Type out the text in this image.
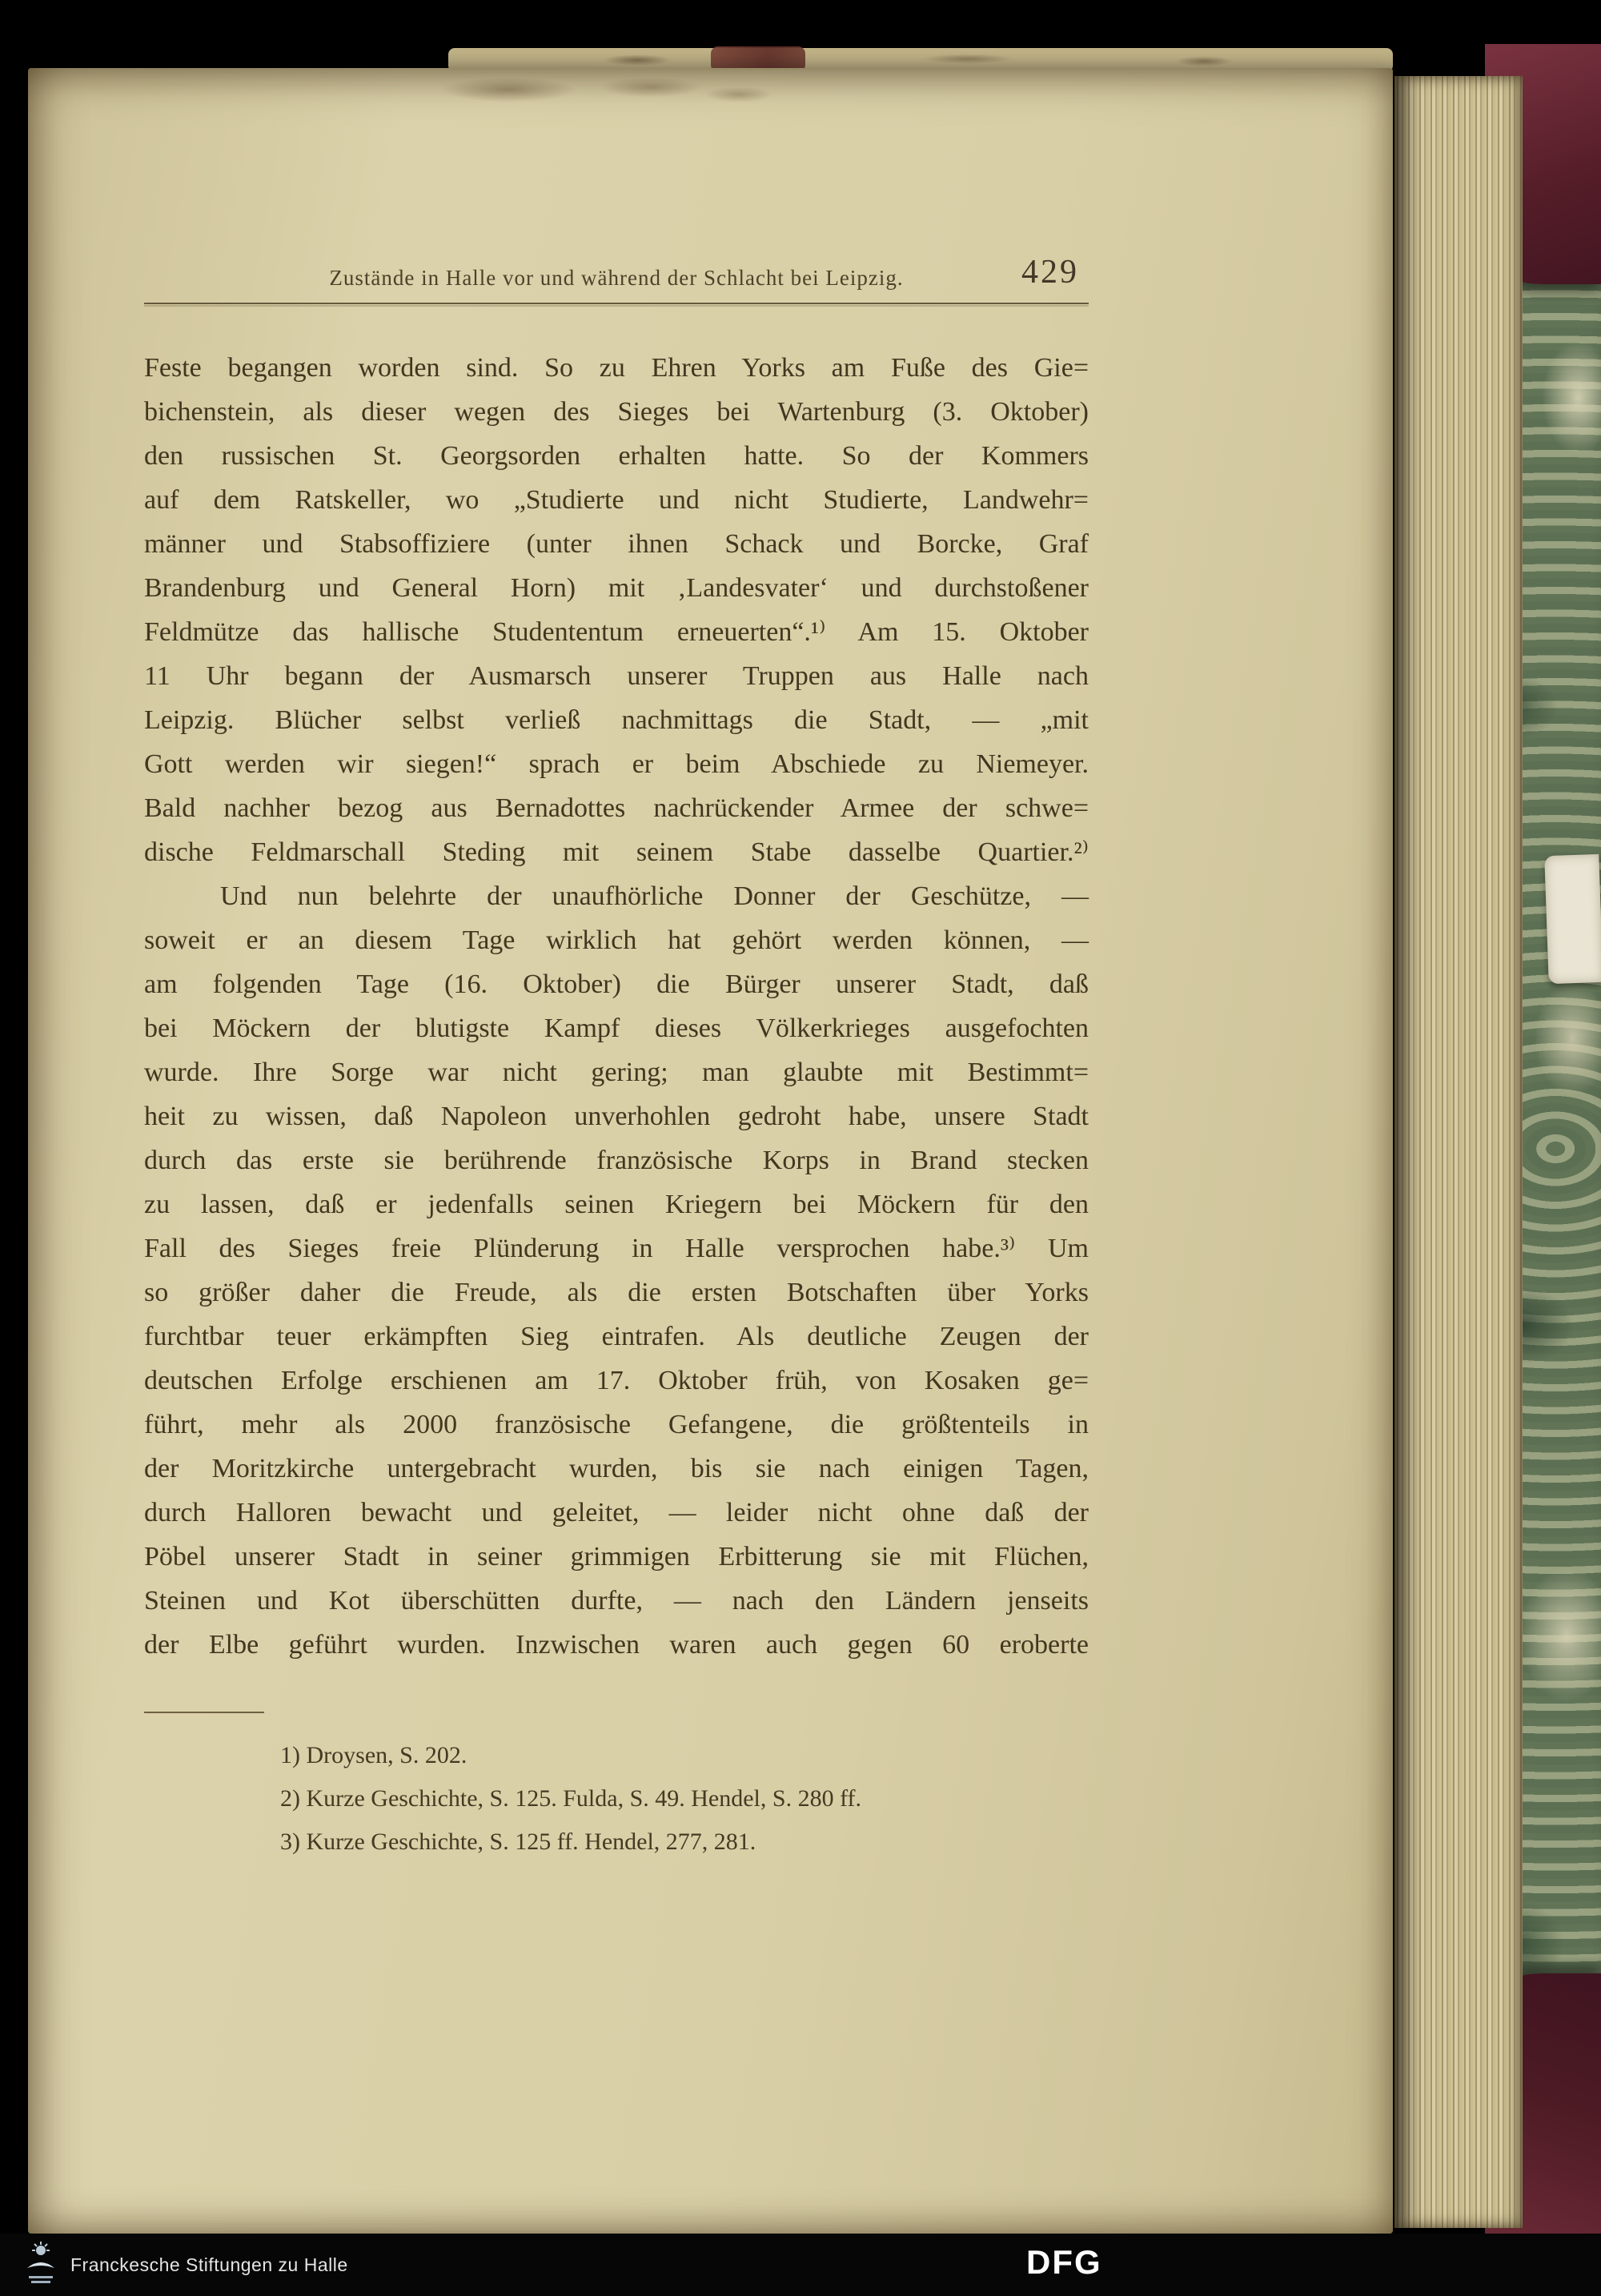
Zustände in Halle vor und während der Schlacht bei Leipzig.	429
Feste begangen worden sind. So zu Ehren Yorks am Fuße des Gie=
bichenstein, als dieser wegen des Sieges bei Wartenburg (3. Oktober)
den russischen St. Georgsorden erhalten hatte. So der Kommers
auf dem Ratskeller, wo „Studierte und nicht Studierte, Landwehr=
männer und Stabsoffiziere (unter ihnen Schack und Borcke, Graf
Brandenburg und General Horn) mit ‚Landesvater‘ und durchstoßener
Feldmütze das hallische Studententum erneuerten“.¹⁾ Am 15. Oktober
11 Uhr begann der Ausmarsch unserer Truppen aus Halle nach
Leipzig. Blücher selbst verließ nachmittags die Stadt, — „mit
Gott werden wir siegen!“ sprach er beim Abschiede zu Niemeyer.
Bald nachher bezog aus Bernadottes nachrückender Armee der schwe=
dische Feldmarschall Steding mit seinem Stabe dasselbe Quartier.²⁾
Und nun belehrte der unaufhörliche Donner der Geschütze, —
soweit er an diesem Tage wirklich hat gehört werden können, —
am folgenden Tage (16. Oktober) die Bürger unserer Stadt, daß
bei Möckern der blutigste Kampf dieses Völkerkrieges ausgefochten
wurde. Ihre Sorge war nicht gering; man glaubte mit Bestimmt=
heit zu wissen, daß Napoleon unverhohlen gedroht habe, unsere Stadt
durch das erste sie berührende französische Korps in Brand stecken
zu lassen, daß er jedenfalls seinen Kriegern bei Möckern für den
Fall des Sieges freie Plünderung in Halle versprochen habe.³⁾ Um
so größer daher die Freude, als die ersten Botschaften über Yorks
furchtbar teuer erkämpften Sieg eintrafen. Als deutliche Zeugen der
deutschen Erfolge erschienen am 17. Oktober früh, von Kosaken ge=
führt, mehr als 2000 französische Gefangene, die größtenteils in
der Moritzkirche untergebracht wurden, bis sie nach einigen Tagen,
durch Halloren bewacht und geleitet, — leider nicht ohne daß der
Pöbel unserer Stadt in seiner grimmigen Erbitterung sie mit Flüchen,
Steinen und Kot überschütten durfte, — nach den Ländern jenseits
der Elbe geführt wurden. Inzwischen waren auch gegen 60 eroberte
1) Droysen, S. 202.
2) Kurze Geschichte, S. 125. Fulda, S. 49. Hendel, S. 280 ff.
3) Kurze Geschichte, S. 125 ff. Hendel, 277, 281.
Franckesche Stiftungen zu Halle	DFG
